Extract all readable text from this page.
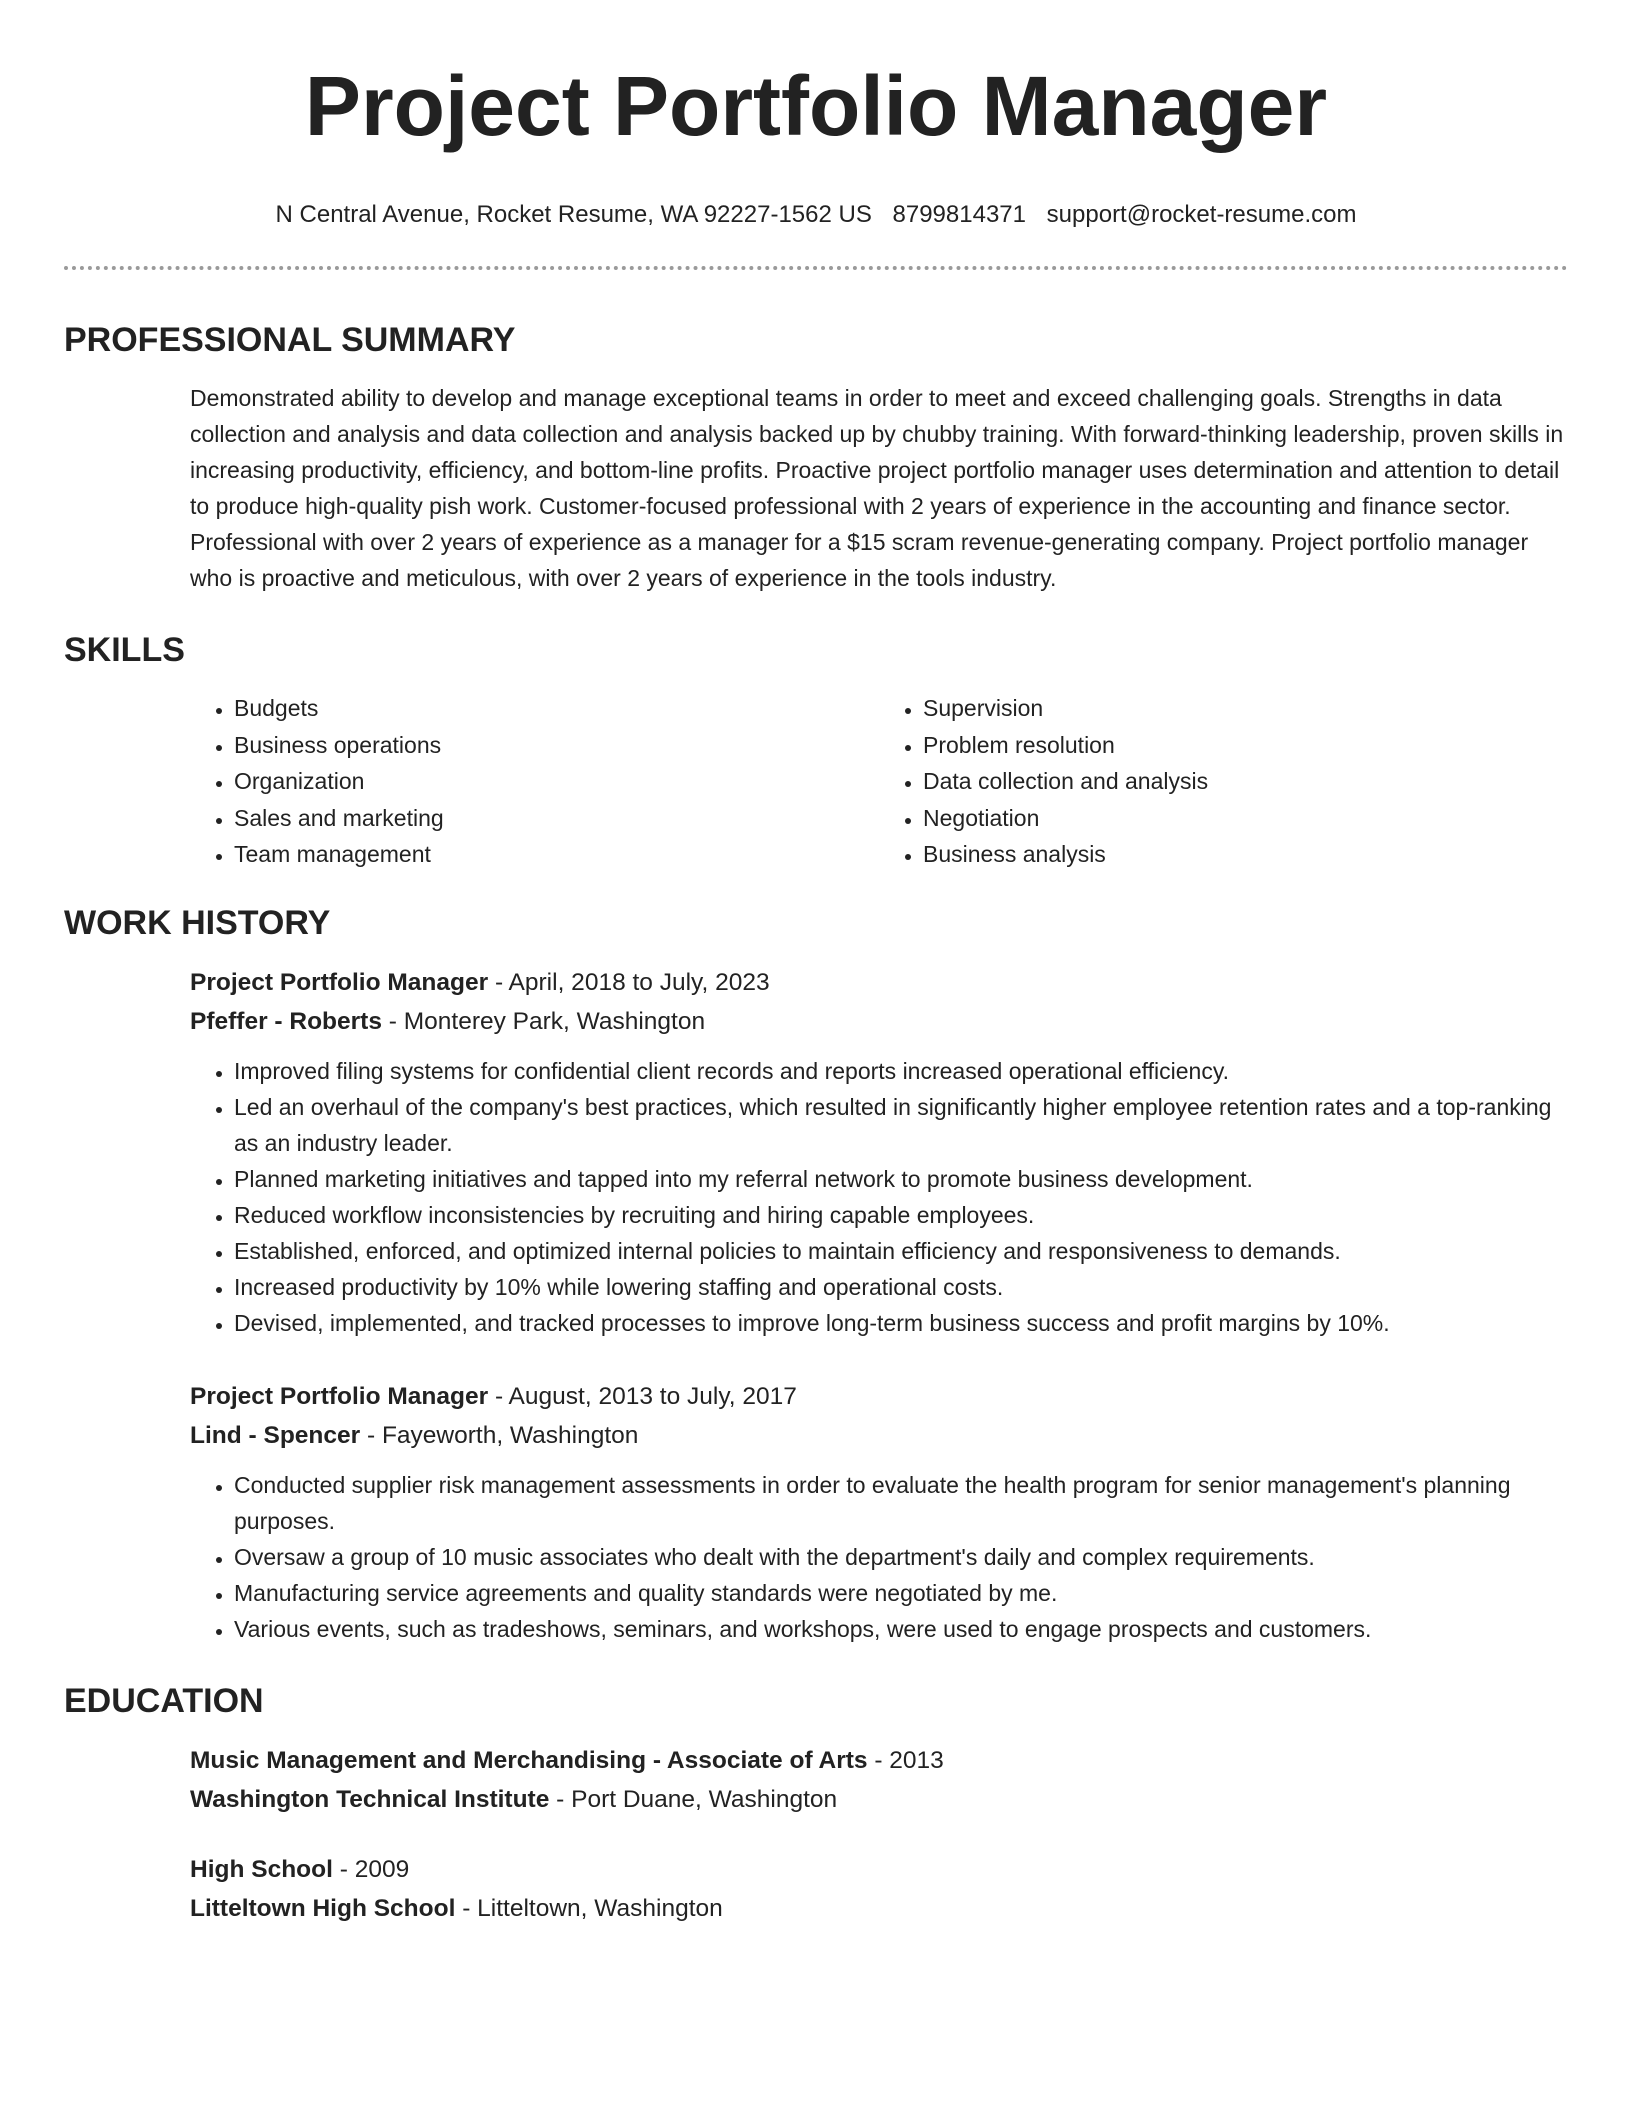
Project Portfolio Manager
N Central Avenue, Rocket Resume, WA 92227-1562 US 8799814371 support@rocket-resume.com
PROFESSIONAL SUMMARY
Demonstrated ability to develop and manage exceptional teams in order to meet and exceed challenging goals. Strengths in data collection and analysis and data collection and analysis backed up by chubby training. With forward-thinking leadership, proven skills in increasing productivity, efficiency, and bottom-line profits. Proactive project portfolio manager uses determination and attention to detail to produce high-quality pish work. Customer-focused professional with 2 years of experience in the accounting and finance sector. Professional with over 2 years of experience as a manager for a $15 scram revenue-generating company. Project portfolio manager who is proactive and meticulous, with over 2 years of experience in the tools industry.
SKILLS
• Budgets
• Business operations
• Organization
• Sales and marketing
• Team management
• Supervision
• Problem resolution
• Data collection and analysis
• Negotiation
• Business analysis
WORK HISTORY
Project Portfolio Manager - April, 2018 to July, 2023
Pfeffer - Roberts - Monterey Park, Washington
• Improved filing systems for confidential client records and reports increased operational efficiency.
• Led an overhaul of the company's best practices, which resulted in significantly higher employee retention rates and a top-ranking as an industry leader.
• Planned marketing initiatives and tapped into my referral network to promote business development.
• Reduced workflow inconsistencies by recruiting and hiring capable employees.
• Established, enforced, and optimized internal policies to maintain efficiency and responsiveness to demands.
• Increased productivity by 10% while lowering staffing and operational costs.
• Devised, implemented, and tracked processes to improve long-term business success and profit margins by 10%.
Project Portfolio Manager - August, 2013 to July, 2017
Lind - Spencer - Fayeworth, Washington
• Conducted supplier risk management assessments in order to evaluate the health program for senior management's planning purposes.
• Oversaw a group of 10 music associates who dealt with the department's daily and complex requirements.
• Manufacturing service agreements and quality standards were negotiated by me.
• Various events, such as tradeshows, seminars, and workshops, were used to engage prospects and customers.
EDUCATION
Music Management and Merchandising - Associate of Arts - 2013
Washington Technical Institute - Port Duane, Washington
High School - 2009
Litteltown High School - Litteltown, Washington
